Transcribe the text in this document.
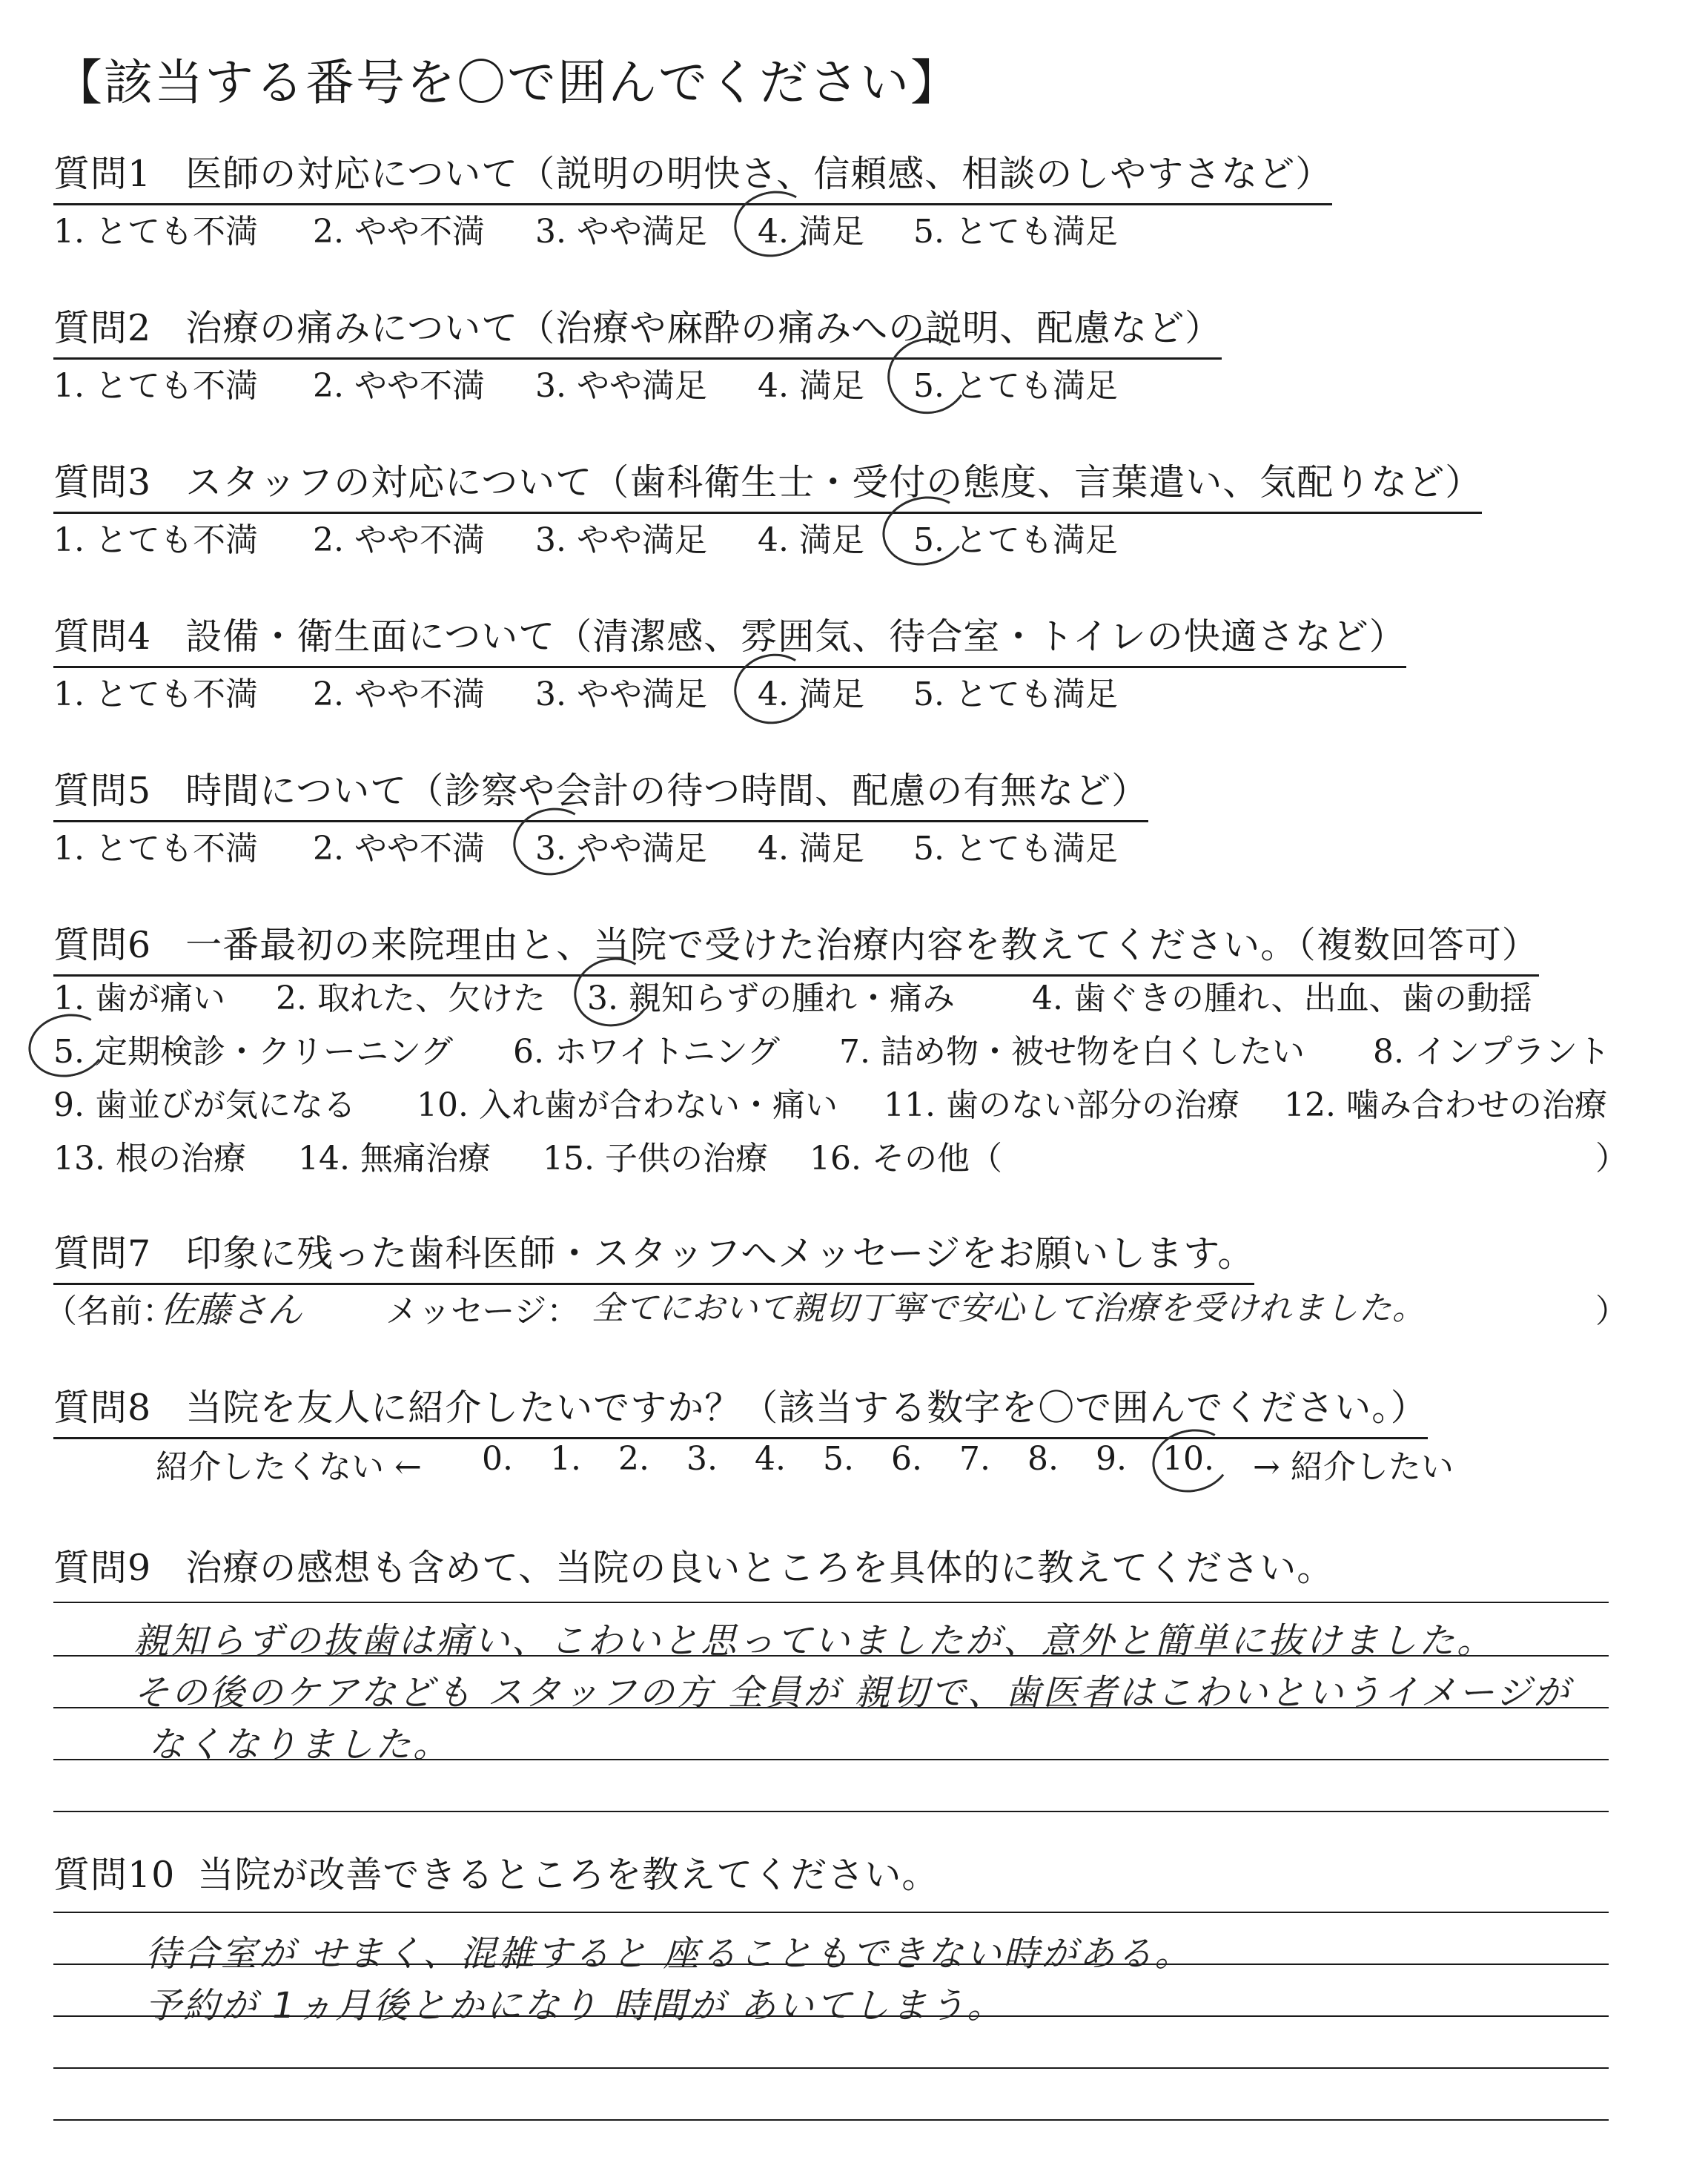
【該当する番号を〇で囲んでください】
質問1 医師の対応について（説明の明快さ、信頼感、相談のしやすさなど）
1. とても不満 2. やや不満 3. やや満足 4. 満足 5. とても満足
質問2 治療の痛みについて（治療や麻酔の痛みへの説明、配慮など）
1. とても不満 2. やや不満 3. やや満足 4. 満足 5. とても満足
質問3 スタッフの対応について（歯科衛生士・受付の態度、言葉遣い、気配りなど）
1. とても不満 2. やや不満 3. やや満足 4. 満足 5. とても満足
質問4 設備・衛生面について（清潔感、雰囲気、待合室・トイレの快適さなど）
1. とても不満 2. やや不満 3. やや満足 4. 満足 5. とても満足
質問5 時間について（診察や会計の待つ時間、配慮の有無など）
1. とても不満 2. やや不満 3. やや満足 4. 満足 5. とても満足
質問6 一番最初の来院理由と、当院で受けた治療内容を教えてください。（複数回答可）
1. 歯が痛い 2. 取れた、欠けた 3. 親知らずの腫れ・痛み 4. 歯ぐきの腫れ、出血、歯の動揺
5. 定期検診・クリーニング 6. ホワイトニング 7. 詰め物・被せ物を白くしたい 8. インプラント
9. 歯並びが気になる 10. 入れ歯が合わない・痛い 11. 歯のない部分の治療 12. 噛み合わせの治療
13. 根の治療 14. 無痛治療 15. 子供の治療 16. その他（	）
質問7 印象に残った歯科医師・スタッフへメッセージをお願いします。
（名前：
佐藤さん	メッセージ： 全てにおいて親切丁寧で安心して治療を受けれました。	）
質問8 当院を友人に紹介したいですか？（該当する数字を〇で囲んでください。）
紹介したくない ← 0. 1. 2. 3. 4. 5. 6. 7. 8. 9. 10. → 紹介したい
質問9 治療の感想も含めて、当院の良いところを具体的に教えてください。
親知らずの抜歯は痛い、こわいと思っていましたが、意外と簡単に抜けました。
その後のケアなども スタッフの方 全員が 親切で、歯医者はこわいというイメージが
なくなりました。
質問10 当院が改善できるところを教えてください。
待合室が せまく、混雑すると 座ることもできない時がある。
予約が 1ヵ月後とかになり 時間が あいてしまう。
